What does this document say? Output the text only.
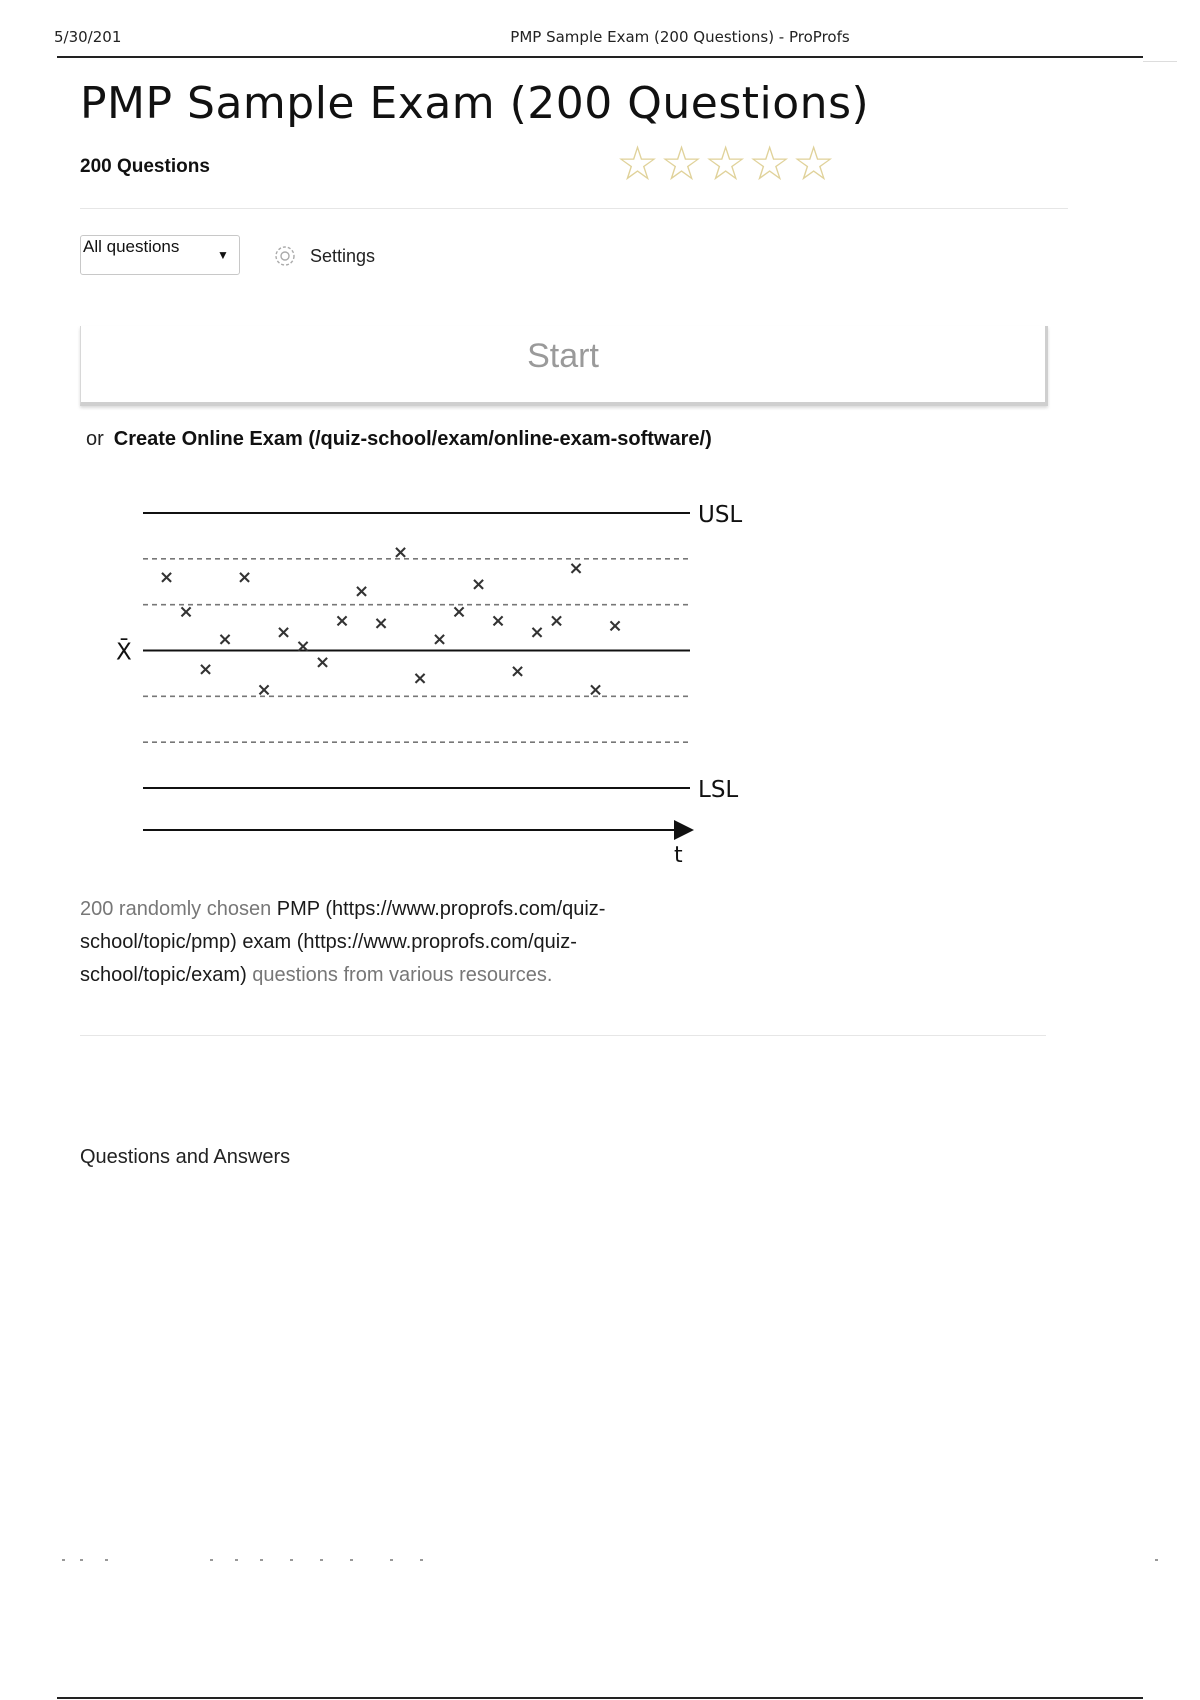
5/30/201	PMP Sample Exam (200 Questions) - ProProfs
PMP Sample Exam (200 Questions)
200 Questions	☆ ☆ ☆ ☆ ☆
All questions	▼	Settings
Start
or Create Online Exam (/quiz-school/exam/online-exam-software/)
USL
X̄
LSL
×
×
×
×
×
×
×
×
×
×
×
×
×
×
×
×
×
×
×
×
×
×
×
×
t
200 randomly chosen PMP (https://www.proprofs.com/quiz-school/topic/pmp) exam (https://www.proprofs.com/quiz-school/topic/exam) questions from various resources.
Questions and Answers
